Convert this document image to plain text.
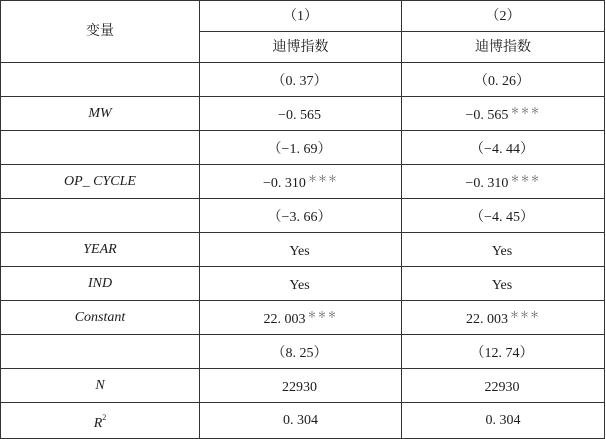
变量	（1）	（2）
	迪博指数	迪博指数
	（0. 37）	（0. 26）
MW	−0. 565	−0. 565 ＊＊＊
	（−1. 69）	（−4. 44）
OP_ CYCLE	−0. 310 ＊＊＊	−0. 310 ＊＊＊
	（−3. 66）	（−4. 45）
YEAR	Yes	Yes
IND	Yes	Yes
Constant	22. 003 ＊＊＊	22. 003 ＊＊＊
	（8. 25）	（12. 74）
N	22930	22930
$R^2$	0. 304	0. 304
